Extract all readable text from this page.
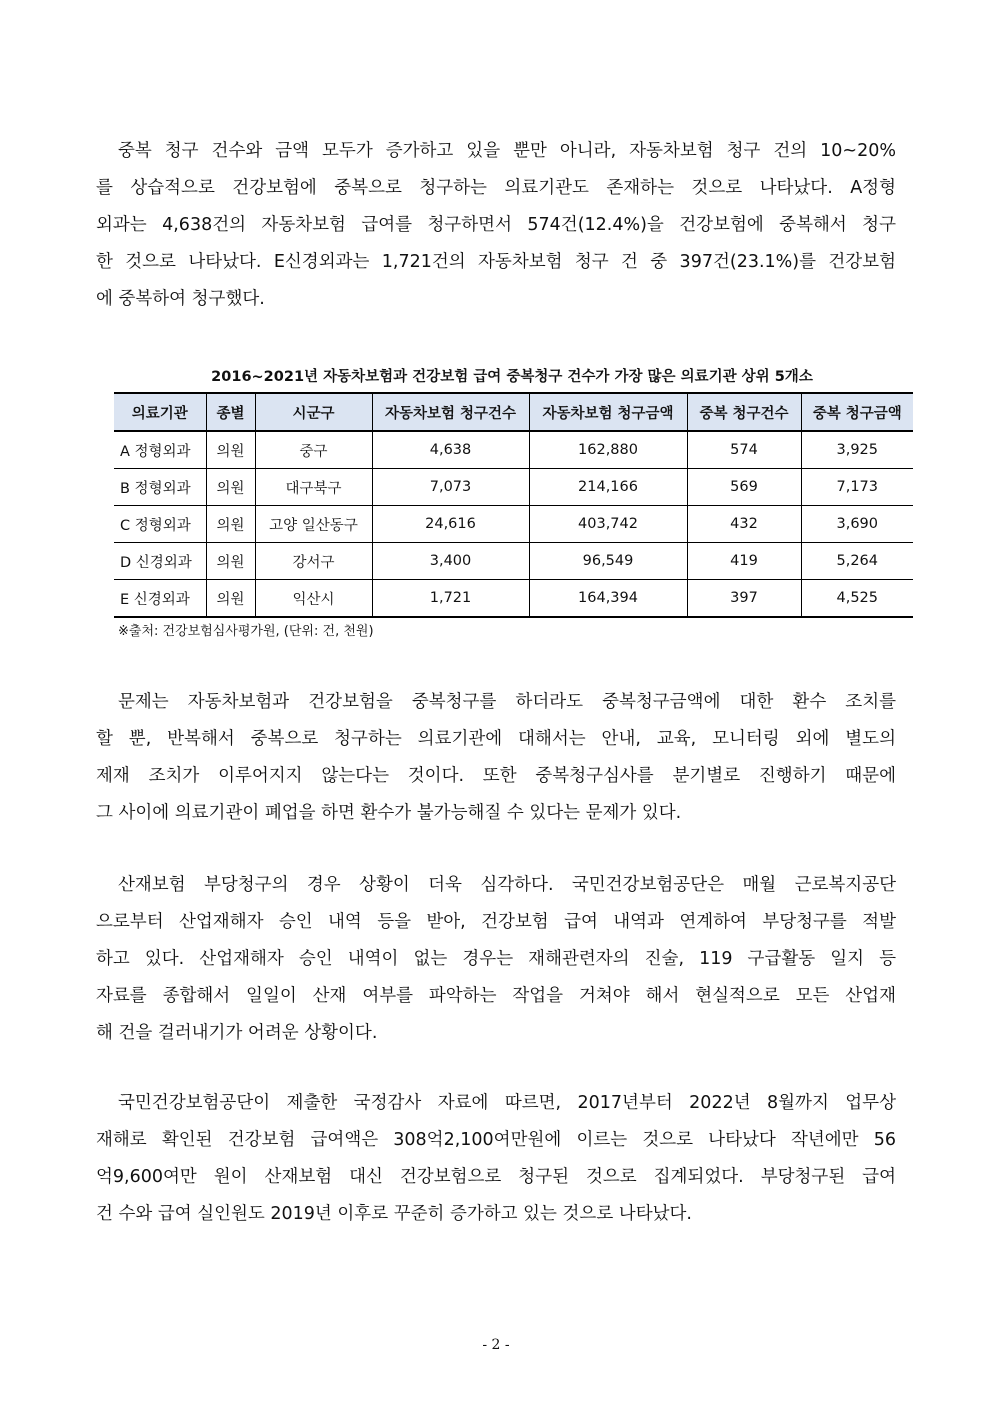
중복 청구 건수와 금액 모두가 증가하고 있을 뿐만 아니라, 자동차보험 청구 건의 10~20%
를 상습적으로 건강보험에 중복으로 청구하는 의료기관도 존재하는 것으로 나타났다. A정형
외과는 4,638건의 자동차보험 급여를 청구하면서 574건(12.4%)을 건강보험에 중복해서 청구
한 것으로 나타났다. E신경외과는 1,721건의 자동차보험 청구 건 중 397건(23.1%)를 건강보험
에 중복하여 청구했다.
2016~2021년 자동차보험과 건강보험 급여 중복청구 건수가 가장 많은 의료기관 상위 5개소
의료기관	종별	시군구	자동차보험 청구건수	자동차보험 청구금액	중복 청구건수	중복 청구금액
A 정형외과	의원	중구	4,638	162,880	574	3,925
B 정형외과	의원	대구북구	7,073	214,166	569	7,173
C 정형외과	의원	고양 일산동구	24,616	403,742	432	3,690
D 신경외과	의원	강서구	3,400	96,549	419	5,264
E 신경외과	의원	익산시	1,721	164,394	397	4,525
※출처: 건강보험심사평가원, (단위: 건, 천원)
문제는 자동차보험과 건강보험을 중복청구를 하더라도 중복청구금액에 대한 환수 조치를
할 뿐, 반복해서 중복으로 청구하는 의료기관에 대해서는 안내, 교육, 모니터링 외에 별도의
제재 조치가 이루어지지 않는다는 것이다. 또한 중복청구심사를 분기별로 진행하기 때문에
그 사이에 의료기관이 폐업을 하면 환수가 불가능해질 수 있다는 문제가 있다.
산재보험 부당청구의 경우 상황이 더욱 심각하다. 국민건강보험공단은 매월 근로복지공단
으로부터 산업재해자 승인 내역 등을 받아, 건강보험 급여 내역과 연계하여 부당청구를 적발
하고 있다. 산업재해자 승인 내역이 없는 경우는 재해관련자의 진술, 119 구급활동 일지 등
자료를 종합해서 일일이 산재 여부를 파악하는 작업을 거쳐야 해서 현실적으로 모든 산업재
해 건을 걸러내기가 어려운 상황이다.
국민건강보험공단이 제출한 국정감사 자료에 따르면, 2017년부터 2022년 8월까지 업무상
재해로 확인된 건강보험 급여액은 308억2,100여만원에 이르는 것으로 나타났다 작년에만 56
억9,600여만 원이 산재보험 대신 건강보험으로 청구된 것으로 집계되었다. 부당청구된 급여
건 수와 급여 실인원도 2019년 이후로 꾸준히 증가하고 있는 것으로 나타났다.
- 2 -
